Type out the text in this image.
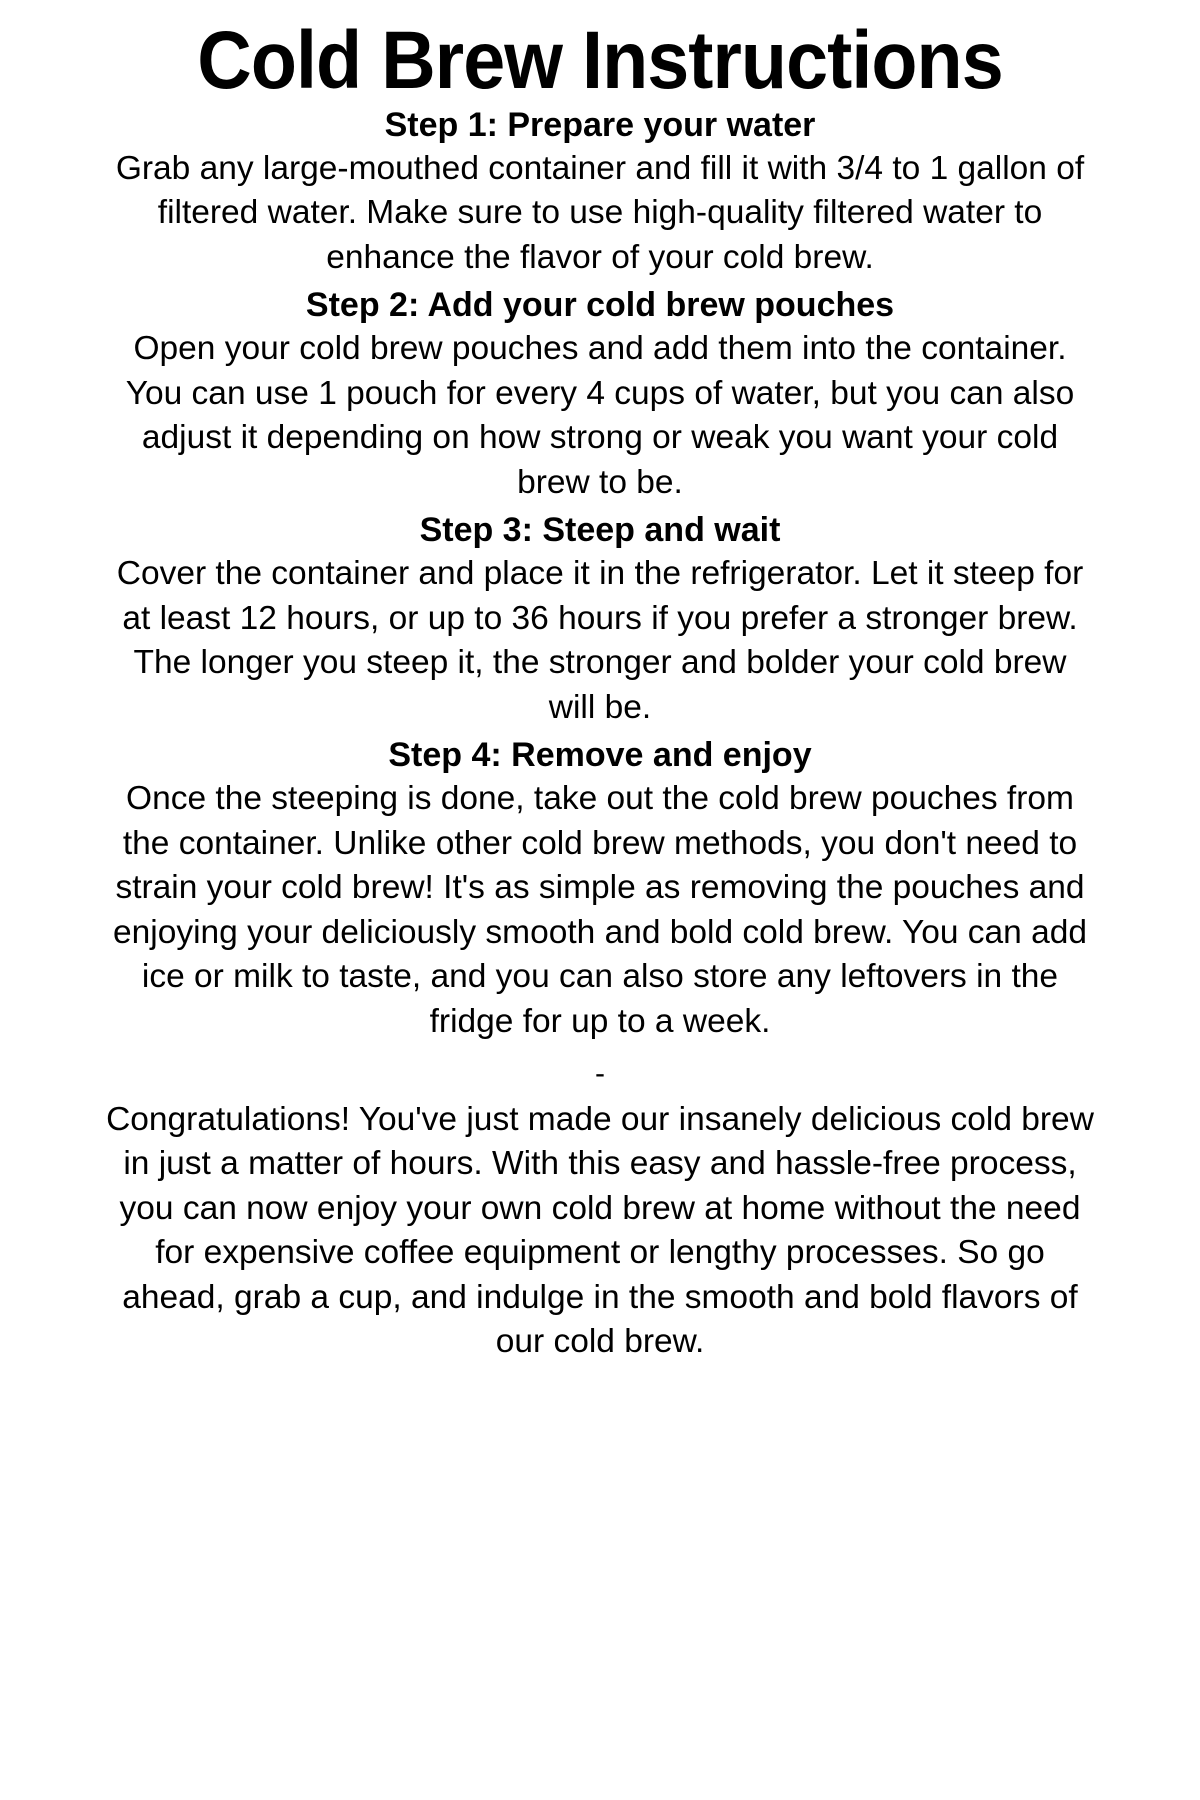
Cold Brew Instructions
Step 1: Prepare your water

Grab any large-mouthed container and fill it with 3/4 to 1 gallon of filtered water. Make sure to use high-quality filtered water to enhance the flavor of your cold brew.

Step 2: Add your cold brew pouches

Open your cold brew pouches and add them into the container. You can use 1 pouch for every 4 cups of water, but you can also adjust it depending on how strong or weak you want your cold brew to be.

Step 3: Steep and wait

Cover the container and place it in the refrigerator. Let it steep for at least 12 hours, or up to 36 hours if you prefer a stronger brew. The longer you steep it, the stronger and bolder your cold brew will be.

Step 4: Remove and enjoy

Once the steeping is done, take out the cold brew pouches from the container. Unlike other cold brew methods, you don't need to strain your cold brew! It's as simple as removing the pouches and enjoying your deliciously smooth and bold cold brew. You can add ice or milk to taste, and you can also store any leftovers in the fridge for up to a week.

-

Congratulations! You've just made our insanely delicious cold brew in just a matter of hours. With this easy and hassle-free process, you can now enjoy your own cold brew at home without the need for expensive coffee equipment or lengthy processes. So go ahead, grab a cup, and indulge in the smooth and bold flavors of our cold brew.
